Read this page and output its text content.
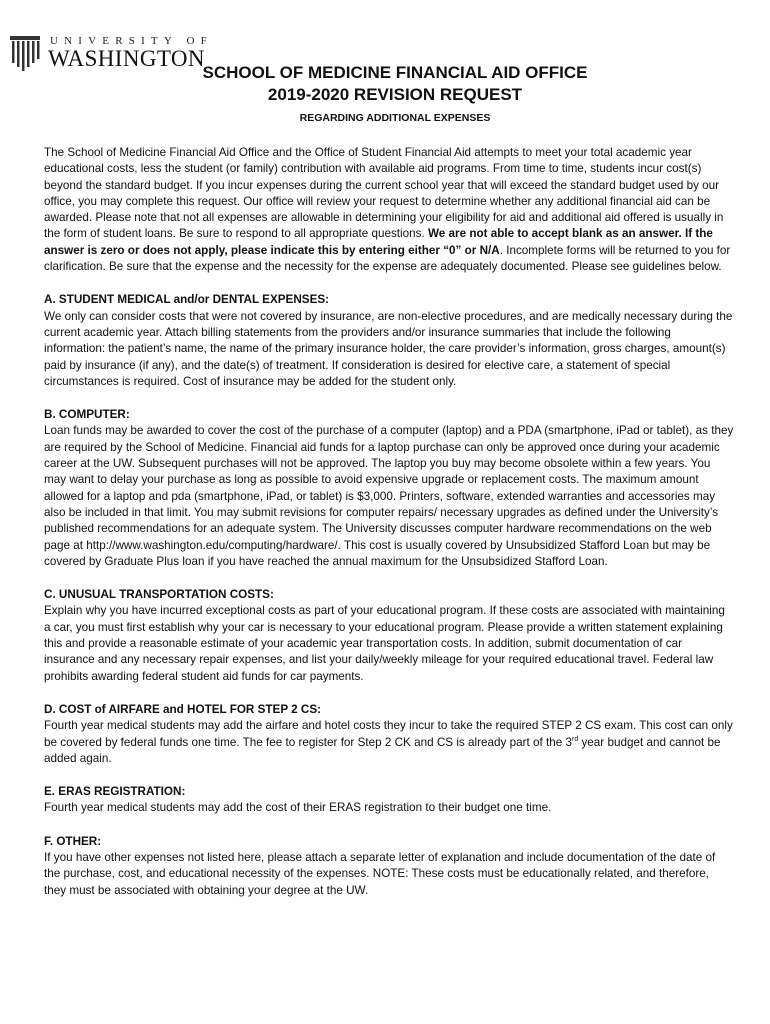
UNIVERSITY OF
WASHINGTON
SCHOOL OF MEDICINE FINANCIAL AID OFFICE
2019-2020 REVISION REQUEST
REGARDING ADDITIONAL EXPENSES

The School of Medicine Financial Aid Office and the Office of Student Financial Aid attempts to meet your total academic year educational costs, less the student (or family) contribution with available aid programs. From time to time, students incur cost(s) beyond the standard budget. If you incur expenses during the current school year that will exceed the standard budget used by our office, you may complete this request. Our office will review your request to determine whether any additional financial aid can be awarded. Please note that not all expenses are allowable in determining your eligibility for aid and additional aid offered is usually in the form of student loans. Be sure to respond to all appropriate questions. We are not able to accept blank as an answer. If the answer is zero or does not apply, please indicate this by entering either “0” or N/A. Incomplete forms will be returned to you for clarification. Be sure that the expense and the necessity for the expense are adequately documented. Please see guidelines below.

A. STUDENT MEDICAL and/or DENTAL EXPENSES:

We only can consider costs that were not covered by insurance, are non-elective procedures, and are medically necessary during the current academic year. Attach billing statements from the providers and/or insurance summaries that include the following information: the patient’s name, the name of the primary insurance holder, the care provider’s information, gross charges, amount(s) paid by insurance (if any), and the date(s) of treatment. If consideration is desired for elective care, a statement of special circumstances is required. Cost of insurance may be added for the student only.

B. COMPUTER:

Loan funds may be awarded to cover the cost of the purchase of a computer (laptop) and a PDA (smartphone, iPad or tablet), as they are required by the School of Medicine. Financial aid funds for a laptop purchase can only be approved once during your academic career at the UW. Subsequent purchases will not be approved. The laptop you buy may become obsolete within a few years. You may want to delay your purchase as long as possible to avoid expensive upgrade or replacement costs. The maximum amount allowed for a laptop and pda (smartphone, iPad, or tablet) is $3,000. Printers, software, extended warranties and accessories may also be included in that limit. You may submit revisions for computer repairs/ necessary upgrades as defined under the University’s published recommendations for an adequate system. The University discusses computer hardware recommendations on the web page at http://www.washington.edu/computing/hardware/. This cost is usually covered by Unsubsidized Stafford Loan but may be covered by Graduate Plus loan if you have reached the annual maximum for the Unsubsidized Stafford Loan.

C. UNUSUAL TRANSPORTATION COSTS:

Explain why you have incurred exceptional costs as part of your educational program. If these costs are associated with maintaining a car, you must first establish why your car is necessary to your educational program. Please provide a written statement explaining this and provide a reasonable estimate of your academic year transportation costs. In addition, submit documentation of car insurance and any necessary repair expenses, and list your daily/weekly mileage for your required educational travel. Federal law prohibits awarding federal student aid funds for car payments.

D. COST of AIRFARE and HOTEL FOR STEP 2 CS:

Fourth year medical students may add the airfare and hotel costs they incur to take the required STEP 2 CS exam. This cost can only be covered by federal funds one time. The fee to register for Step 2 CK and CS is already part of the 3rd year budget and cannot be added again.

E. ERAS REGISTRATION:

Fourth year medical students may add the cost of their ERAS registration to their budget one time.

F. OTHER:

If you have other expenses not listed here, please attach a separate letter of explanation and include documentation of the date of the purchase, cost, and educational necessity of the expenses. NOTE: These costs must be educationally related, and therefore, they must be associated with obtaining your degree at the UW.
